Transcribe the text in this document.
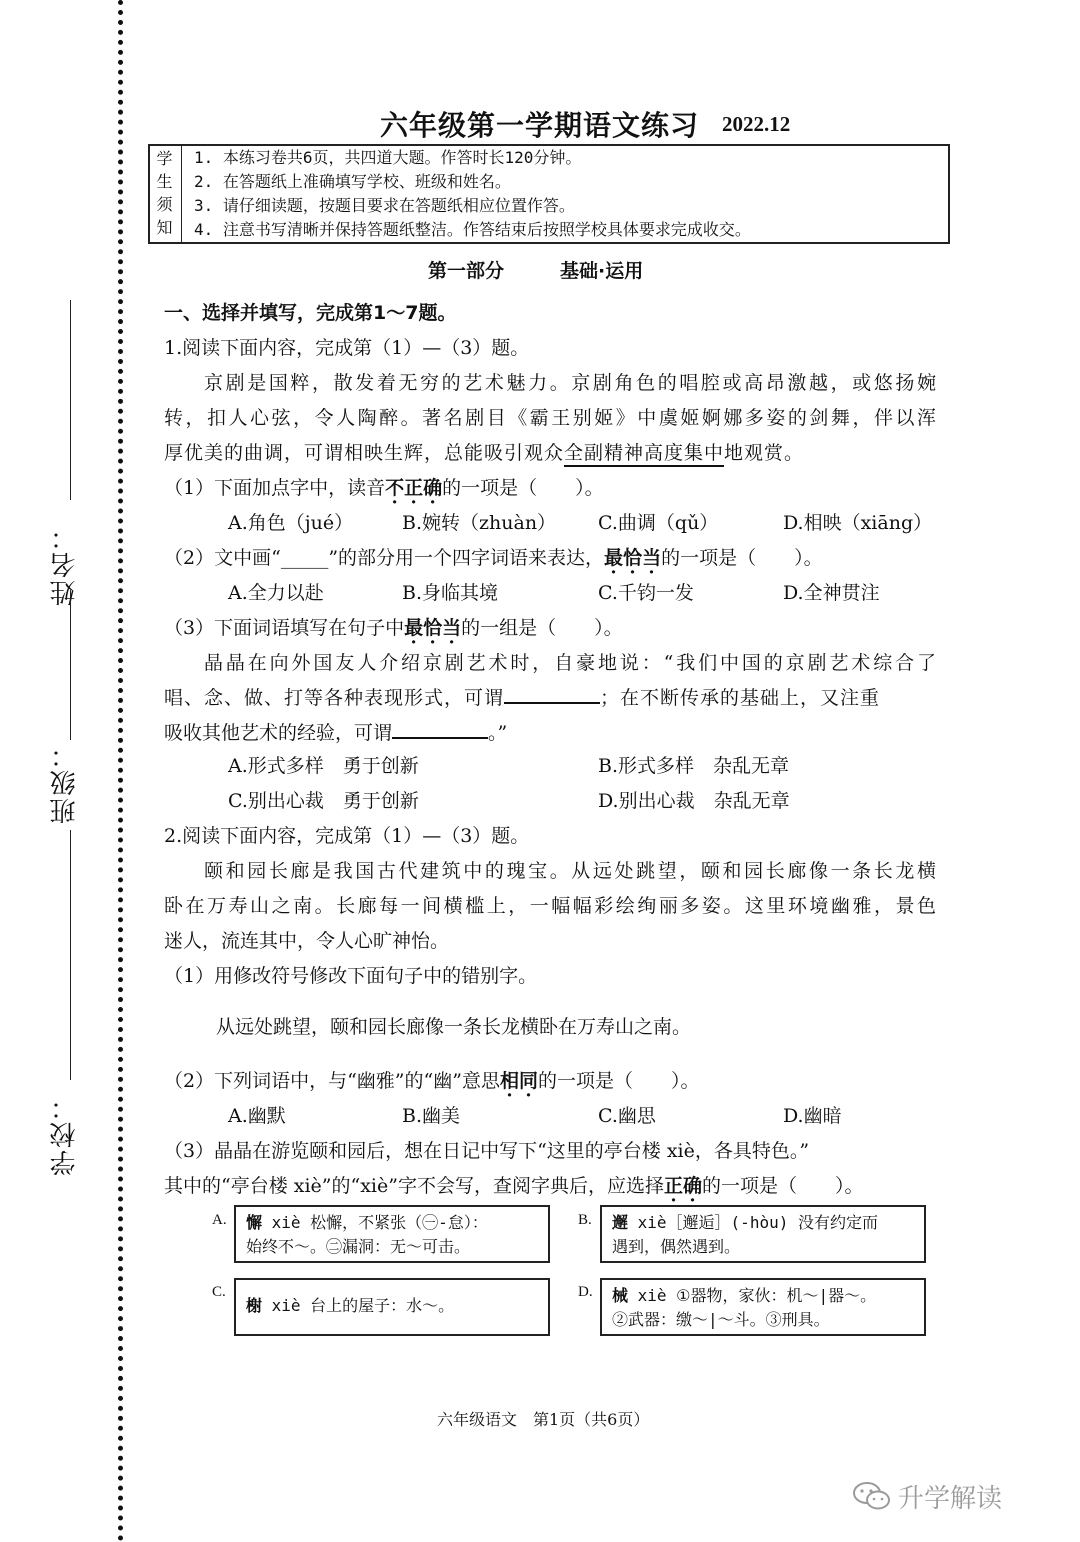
姓名：
班级：
学校：
六年级第一学期语文练习 2022.12
学
生
须
知
1. 本练习卷共6页，共四道大题。作答时长120分钟。
2. 在答题纸上准确填写学校、班级和姓名。
3. 请仔细读题，按题目要求在答题纸相应位置作答。
4. 注意书写清晰并保持答题纸整洁。作答结束后按照学校具体要求完成收交。
第一部分	基础·运用
一、选择并填写，完成第1～7题。
1.阅读下面内容，完成第（1）—（3）题。
京剧是国粹，散发着无穷的艺术魅力。京剧角色的唱腔或高昂激越，或悠扬婉
转，扣人心弦，令人陶醉。著名剧目《霸王别姬》中虞姬婀娜多姿的剑舞，伴以浑
厚优美的曲调，可谓相映生辉，总能吸引观众全副精神高度集中地观赏。
（1）下面加点字中，读音不正确的一项是（　　）。
A.角色（jué）	B.婉转（zhuàn） C.曲调（qǔ）	D.相映（xiāng）
（2）文中画“_____”的部分用一个四字词语来表达，最恰当的一项是（　　）。
A.全力以赴	B.身临其境	C.千钧一发	D.全神贯注
（3）下面词语填写在句子中最恰当的一组是（　　）。
晶晶在向外国友人介绍京剧艺术时，自豪地说：“我们中国的京剧艺术综合了
唱、念、做、打等各种表现形式，可谓	；在不断传承的基础上，又注重
吸收其他艺术的经验，可谓	。”
A.形式多样　勇于创新	B.形式多样　杂乱无章
C.别出心裁　勇于创新	D.别出心裁　杂乱无章
2.阅读下面内容，完成第（1）—（3）题。
颐和园长廊是我国古代建筑中的瑰宝。从远处跳望，颐和园长廊像一条长龙横
卧在万寿山之南。长廊每一间横槛上，一幅幅彩绘绚丽多姿。这里环境幽雅，景色
迷人，流连其中，令人心旷神怡。
（1）用修改符号修改下面句子中的错别字。
从远处跳望，颐和园长廊像一条长龙横卧在万寿山之南。
（2）下列词语中，与“幽雅”的“幽”意思相同的一项是（　　）。
A.幽默	B.幽美	C.幽思	D.幽暗
（3）晶晶在游览颐和园后，想在日记中写下“这里的亭台楼 xiè，各具特色。”
其中的“亭台楼 xiè”的“xiè”字不会写，查阅字典后，应选择正确的一项是（　　）。
A. 懈 xiè 松懈，不紧张（㊀-怠）：
始终不～。㊁漏洞：无～可击。
B. 邂 xiè［邂逅］(-hòu) 没有约定而
遇到，偶然遇到。
C.
榭 xiè 台上的屋子：水～。
D. 械 xiè ①器物，家伙：机～|器～。
②武器：缴～|～斗。③刑具。
六年级语文　第1页（共6页）
升学解读
